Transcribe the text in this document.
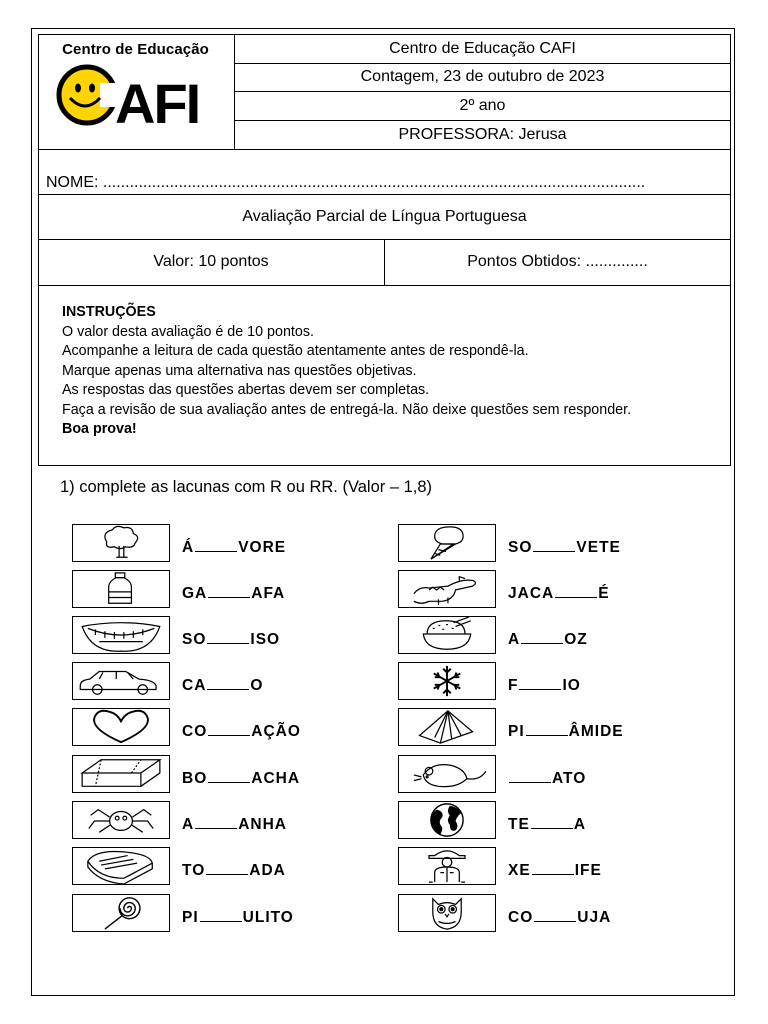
Centro de Educação
AFI
Centro de Educação CAFI
Contagem, 23 de outubro de 2023
2º ano
PROFESSORA: Jerusa
NOME: ..........................................................................................................................
Avaliação Parcial de Língua Portuguesa
Valor: 10 pontos	Pontos Obtidos: ..............
INSTRUÇÕES
O valor desta avaliação é de 10 pontos.
Acompanhe a leitura de cada questão atentamente antes de respondê-la.
Marque apenas uma alternativa nas questões objetivas.
As respostas das questões abertas devem ser completas.
Faça a revisão de sua avaliação antes de entregá-la. Não deixe questões sem responder.
Boa prova!
1) complete as lacunas com R ou RR. (Valor – 1,8)
Á	VORE
GA	AFA
SO	ISO
CA	O
CO	AÇÃO
BO	ACHA
A	ANHA
TO	ADA
PI	ULITO
SO	VETE
JACA	É
A	OZ
F	IO
PI	ÂMIDE
ATO
TE	A
XE	IFE
CO	UJA
